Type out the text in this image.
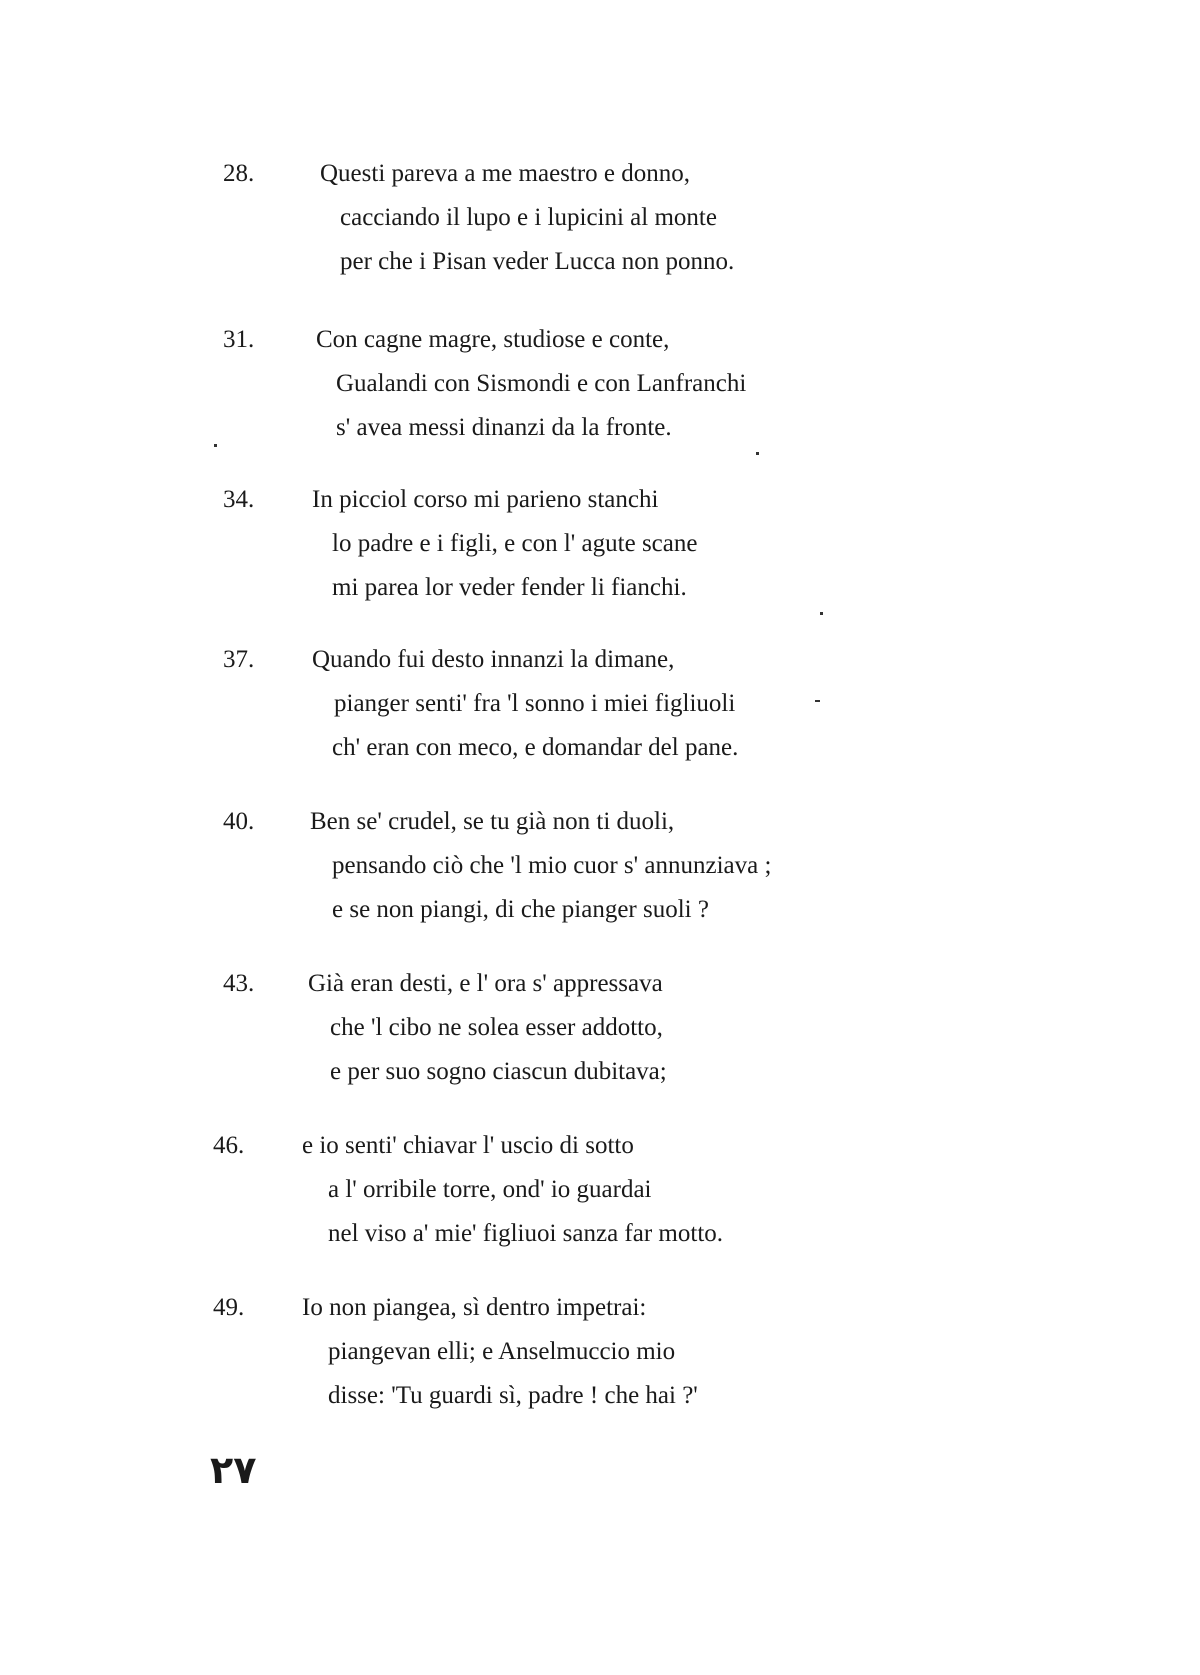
28.	Questi pareva a me maestro e donno,
cacciando il lupo e i lupicini al monte
per che i Pisan veder Lucca non ponno.
31. Con cagne magre, studiose e conte,
Gualandi con Sismondi e con Lanfranchi
s' avea messi dinanzi da la fronte.
34. In picciol corso mi parieno stanchi
lo padre e i figli, e con l' agute scane
mi parea lor veder fender li fianchi.
37. Quando fui desto innanzi la dimane,
pianger senti' fra 'l sonno i miei figliuoli
ch' eran con meco, e domandar del pane.
40. Ben se' crudel, se tu già non ti duoli,
pensando ciò che 'l mio cuor s' annunziava ;
e se non piangi, di che pianger suoli ?
43. Già eran desti, e l' ora s' appressava
che 'l cibo ne solea esser addotto,
e per suo sogno ciascun dubitava;
46. e io senti' chiavar l' uscio di sotto
a l' orribile torre, ond' io guardai
nel viso a' mie' figliuoi sanza far motto.
49. Io non piangea, sì dentro impetrai:
piangevan elli; e Anselmuccio mio
disse: 'Tu guardi sì, padre ! che hai ?'
٢٧
